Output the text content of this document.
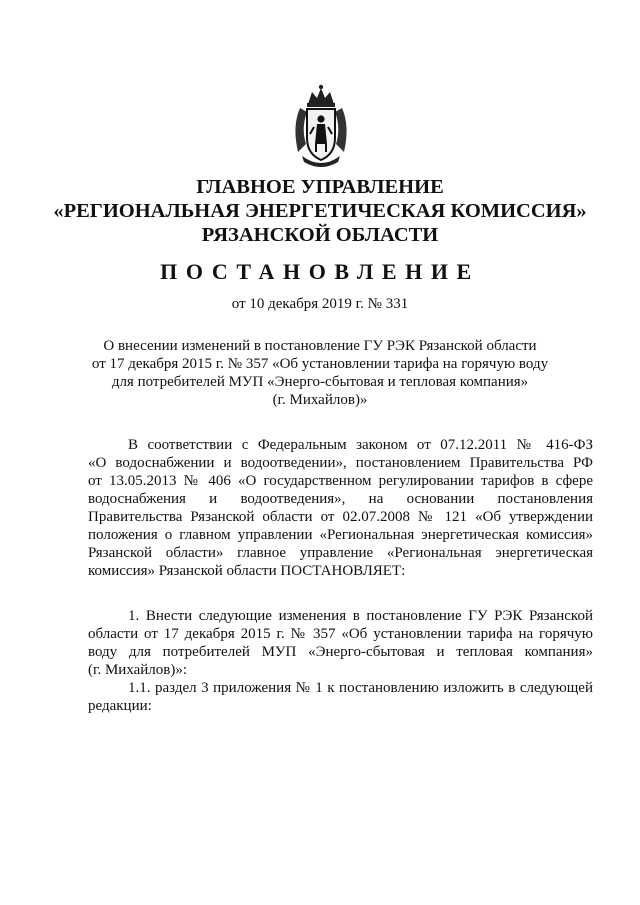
ГЛАВНОЕ УПРАВЛЕНИЕ
«РЕГИОНАЛЬНАЯ ЭНЕРГЕТИЧЕСКАЯ КОМИССИЯ»
РЯЗАНСКОЙ ОБЛАСТИ
ПОСТАНОВЛЕНИЕ
от 10 декабря 2019 г. № 331
О внесении изменений в постановление ГУ РЭК Рязанской области
от 17 декабря 2015 г. № 357 «Об установлении тарифа на горячую воду
для потребителей МУП «Энерго-сбытовая и тепловая компания»
(г. Михайлов)»
В соответствии с Федеральным законом от 07.12.2011 № 416-ФЗ
«О водоснабжении и водоотведении», постановлением Правительства РФ
от 13.05.2013 № 406 «О государственном регулировании тарифов в сфере
водоснабжения и водоотведения», на основании постановления
Правительства Рязанской области от 02.07.2008 № 121 «Об утверждении
положения о главном управлении «Региональная энергетическая комиссия»
Рязанской области» главное управление «Региональная энергетическая
комиссия» Рязанской области ПОСТАНОВЛЯЕТ:
1. Внести следующие изменения в постановление ГУ РЭК Рязанской
области от 17 декабря 2015 г. № 357 «Об установлении тарифа на горячую
воду для потребителей МУП «Энерго-сбытовая и тепловая компания»
(г. Михайлов)»:
1.1. раздел 3 приложения № 1 к постановлению изложить в следующей
редакции:
